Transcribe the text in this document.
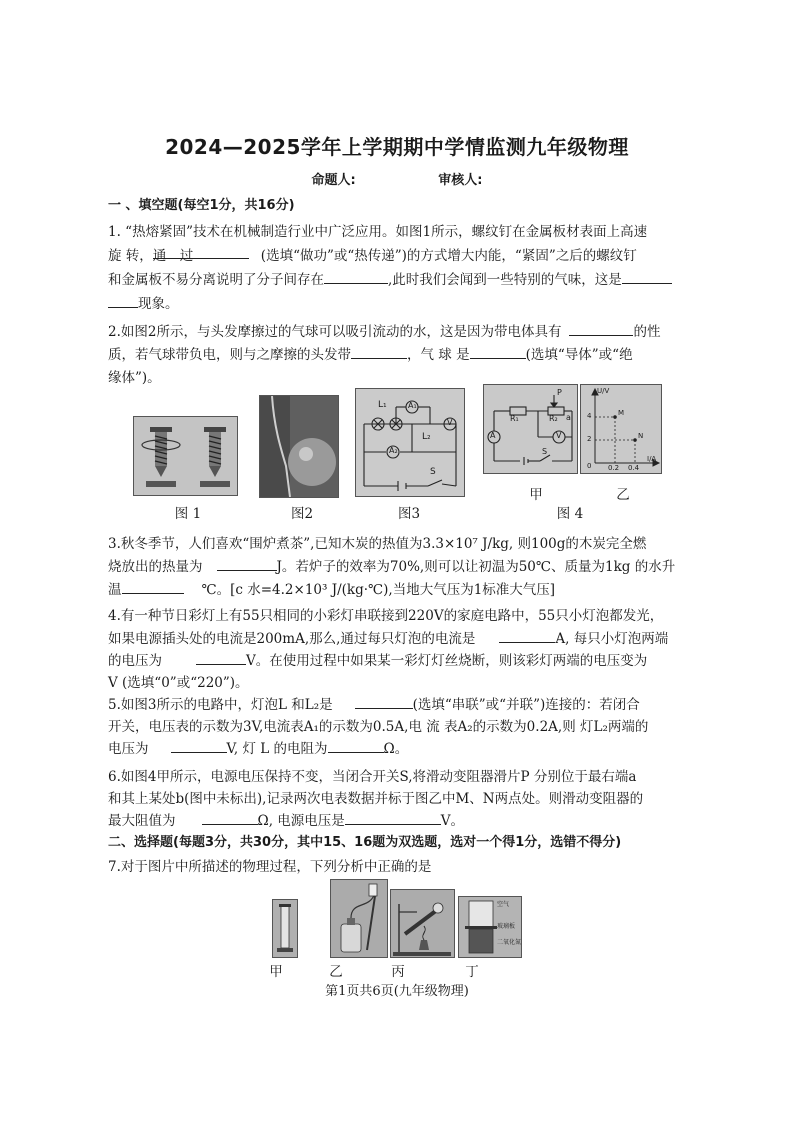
2024—2025学年上学期期中学情监测九年级物理
命题人:	审核人:
一 、填空题(每空1分，共16分)
1. “热熔紧固”技术在机械制造行业中广泛应用。如图1所示，螺纹钉在金属板材表面上高速
旋 转，通　过	(选填“做功”或“热传递”)的方式增大内能，“紧固”之后的螺纹钉
和金属板不易分离说明了分子间存在	,此时我们会闻到一些特别的气味，这是
现象。
2.如图2所示，与头发摩擦过的气球可以吸引流动的水，这是因为带电体具有	的性
质，若气球带负电，则与之摩擦的头发带	，气 球 是	(选填“导体”或“绝
缘体”)。
图 1	图2
L₁	A₁
L₂
V
A₂
S
图3
P
R₁	R₂ a
A	V
S
U/V
4
2
0 0.2 0.4
I/A
M
N
甲
图 4
乙
3.秋冬季节，人们喜欢“围炉煮茶”,已知木炭的热值为3.3×10⁷ J/kg, 则100g的木炭完全燃
烧放出的热量为	J。若炉子的效率为70%,则可以让初温为50℃、质量为1kg 的水升
温	℃。[c 水=4.2×10³ J/(kg·℃),当地大气压为1标准大气压]
4.有一种节日彩灯上有55只相同的小彩灯串联接到220V的家庭电路中，55只小灯泡都发光，
如果电源插头处的电流是200mA,那么,通过每只灯泡的电流是	A, 每只小灯泡两端
的电压为	V。在使用过程中如果某一彩灯灯丝烧断，则该彩灯两端的电压变为
V (选填“0”或“220”)。
5.如图3所示的电路中，灯泡L 和L₂是	(选填“串联”或“并联”)连接的：若闭合
开关，电压表的示数为3V,电流表A₁的示数为0.5A,电 流 表A₂的示数为0.2A,则 灯L₂两端的
电压为	V, 灯 L 的电阻为	Ω。
6.如图4甲所示，电源电压保持不变，当闭合开关S,将滑动变阻器滑片P 分别位于最右端a
和其上某处b(图中未标出),记录两次电表数据并标于图乙中M、N两点处。则滑动变阻器的
最大阻值为	Ω, 电源电压是	V。
二、选择题(每题3分，共30分，其中15、16题为双选题，选对一个得1分，选错不得分)
7.对于图片中所描述的物理过程，下列分析中正确的是
空气
玻璃板
二氧化氮
甲	乙	丙	丁
第1页共6页(九年级物理)
